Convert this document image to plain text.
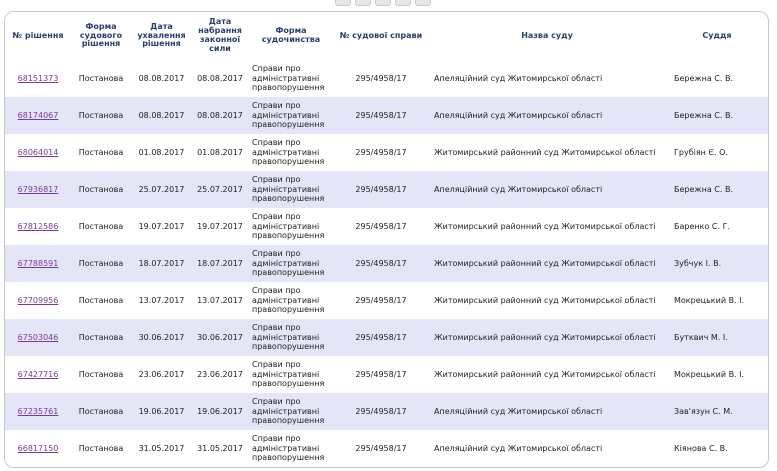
№ рішення	Форма судового рішення	Дата ухвалення рішення	Дата набрання законної сили	Форма судочинства	№ судової справи	Назва суду	Суддя
68151373	Постанова	08.08.2017	08.08.2017	Справи про адміністративні правопорушення	295/4958/17	Апеляційний суд Житомирської області	Бережна С. В.
68174067	Постанова	08.08.2017	08.08.2017	Справи про адміністративні правопорушення	295/4958/17	Апеляційний суд Житомирської області	Бережна С. В.
68064014	Постанова	01.08.2017	01.08.2017	Справи про адміністративні правопорушення	295/4958/17	Житомирський районний суд Житомирської області	Грубіян Є. О.
67936817	Постанова	25.07.2017	25.07.2017	Справи про адміністративні правопорушення	295/4958/17	Апеляційний суд Житомирської області	Бережна С. В.
67812586	Постанова	19.07.2017	19.07.2017	Справи про адміністративні правопорушення	295/4958/17	Житомирський районний суд Житомирської області	Баренко С. Г.
67788591	Постанова	18.07.2017	18.07.2017	Справи про адміністративні правопорушення	295/4958/17	Житомирський районний суд Житомирської області	Зубчук І. В.
67709956	Постанова	13.07.2017	13.07.2017	Справи про адміністративні правопорушення	295/4958/17	Житомирський районний суд Житомирської області	Мокрецький В. І.
67503046	Постанова	30.06.2017	30.06.2017	Справи про адміністративні правопорушення	295/4958/17	Житомирський районний суд Житомирської області	Бутквич М. І.
67427716	Постанова	23.06.2017	23.06.2017	Справи про адміністративні правопорушення	295/4958/17	Житомирський районний суд Житомирської області	Мокрецький В. І.
67235761	Постанова	19.06.2017	19.06.2017	Справи про адміністративні правопорушення	295/4958/17	Апеляційний суд Житомирської області	Зав'язун С. М.
66817150	Постанова	31.05.2017	31.05.2017	Справи про адміністративні правопорушення	295/4958/17	Апеляційний суд Житомирської області	Кіянова С. В.
